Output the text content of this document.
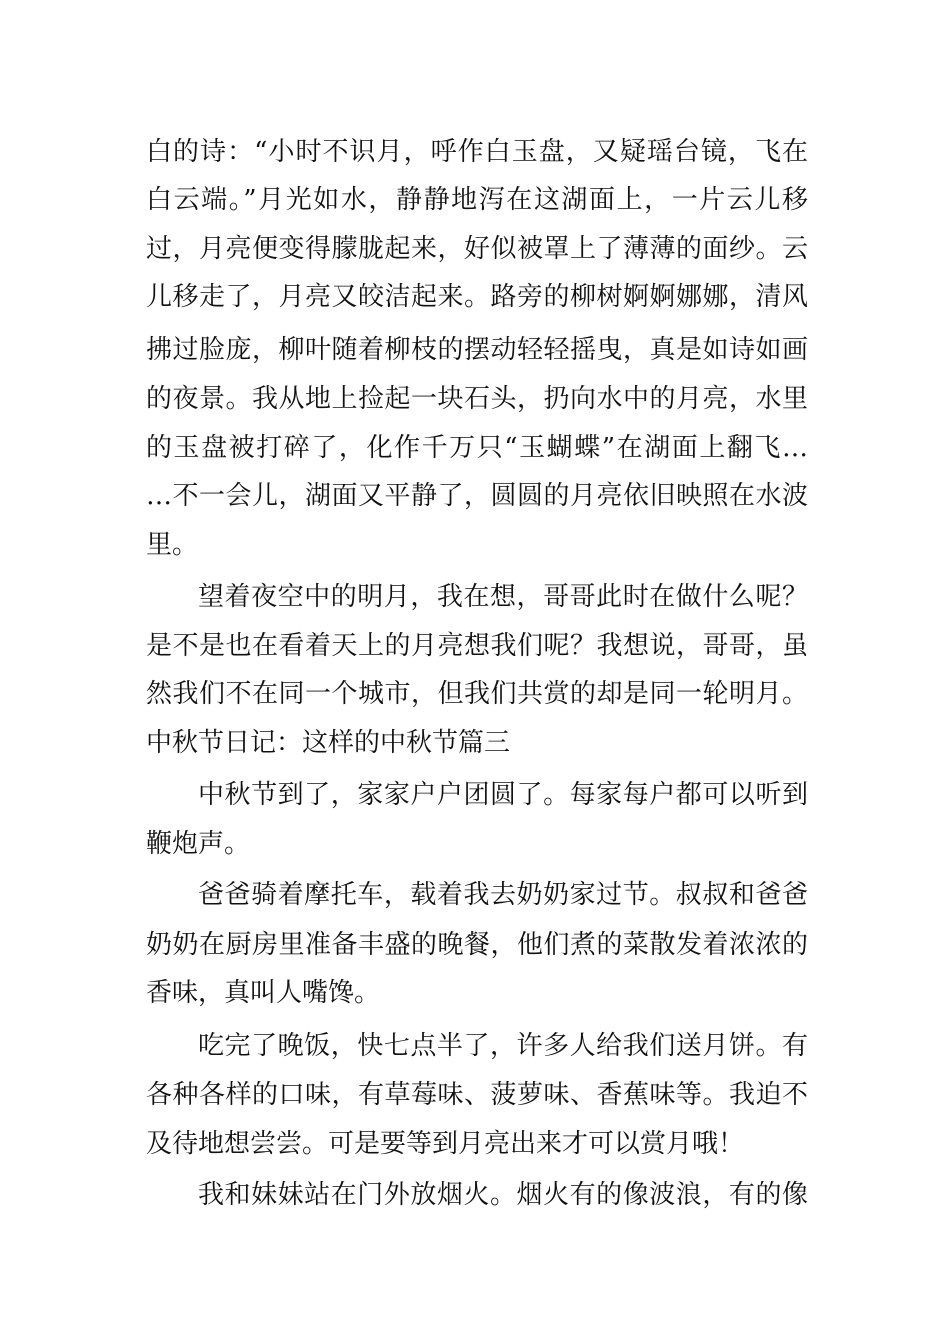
白的诗：“小时不识月，呼作白玉盘，又疑瑶台镜，飞在
白云端。”月光如水，静静地泻在这湖面上，一片云儿移
过，月亮便变得朦胧起来，好似被罩上了薄薄的面纱。云
儿移走了，月亮又皎洁起来。路旁的柳树婀婀娜娜，清风
拂过脸庞，柳叶随着柳枝的摆动轻轻摇曳，真是如诗如画
的夜景。我从地上捡起一块石头，扔向水中的月亮，水里
的玉盘被打碎了，化作千万只“玉蝴蝶”在湖面上翻飞…
…不一会儿，湖面又平静了，圆圆的月亮依旧映照在水波
里。
望着夜空中的明月，我在想，哥哥此时在做什么呢？
是不是也在看着天上的月亮想我们呢？我想说，哥哥，虽
然我们不在同一个城市，但我们共赏的却是同一轮明月。
中秋节日记：这样的中秋节篇三
中秋节到了，家家户户团圆了。每家每户都可以听到
鞭炮声。
爸爸骑着摩托车，载着我去奶奶家过节。叔叔和爸爸
奶奶在厨房里准备丰盛的晚餐，他们煮的菜散发着浓浓的
香味，真叫人嘴馋。
吃完了晚饭，快七点半了，许多人给我们送月饼。有
各种各样的口味，有草莓味、菠萝味、香蕉味等。我迫不
及待地想尝尝。可是要等到月亮出来才可以赏月哦！
我和妹妹站在门外放烟火。烟火有的像波浪，有的像
